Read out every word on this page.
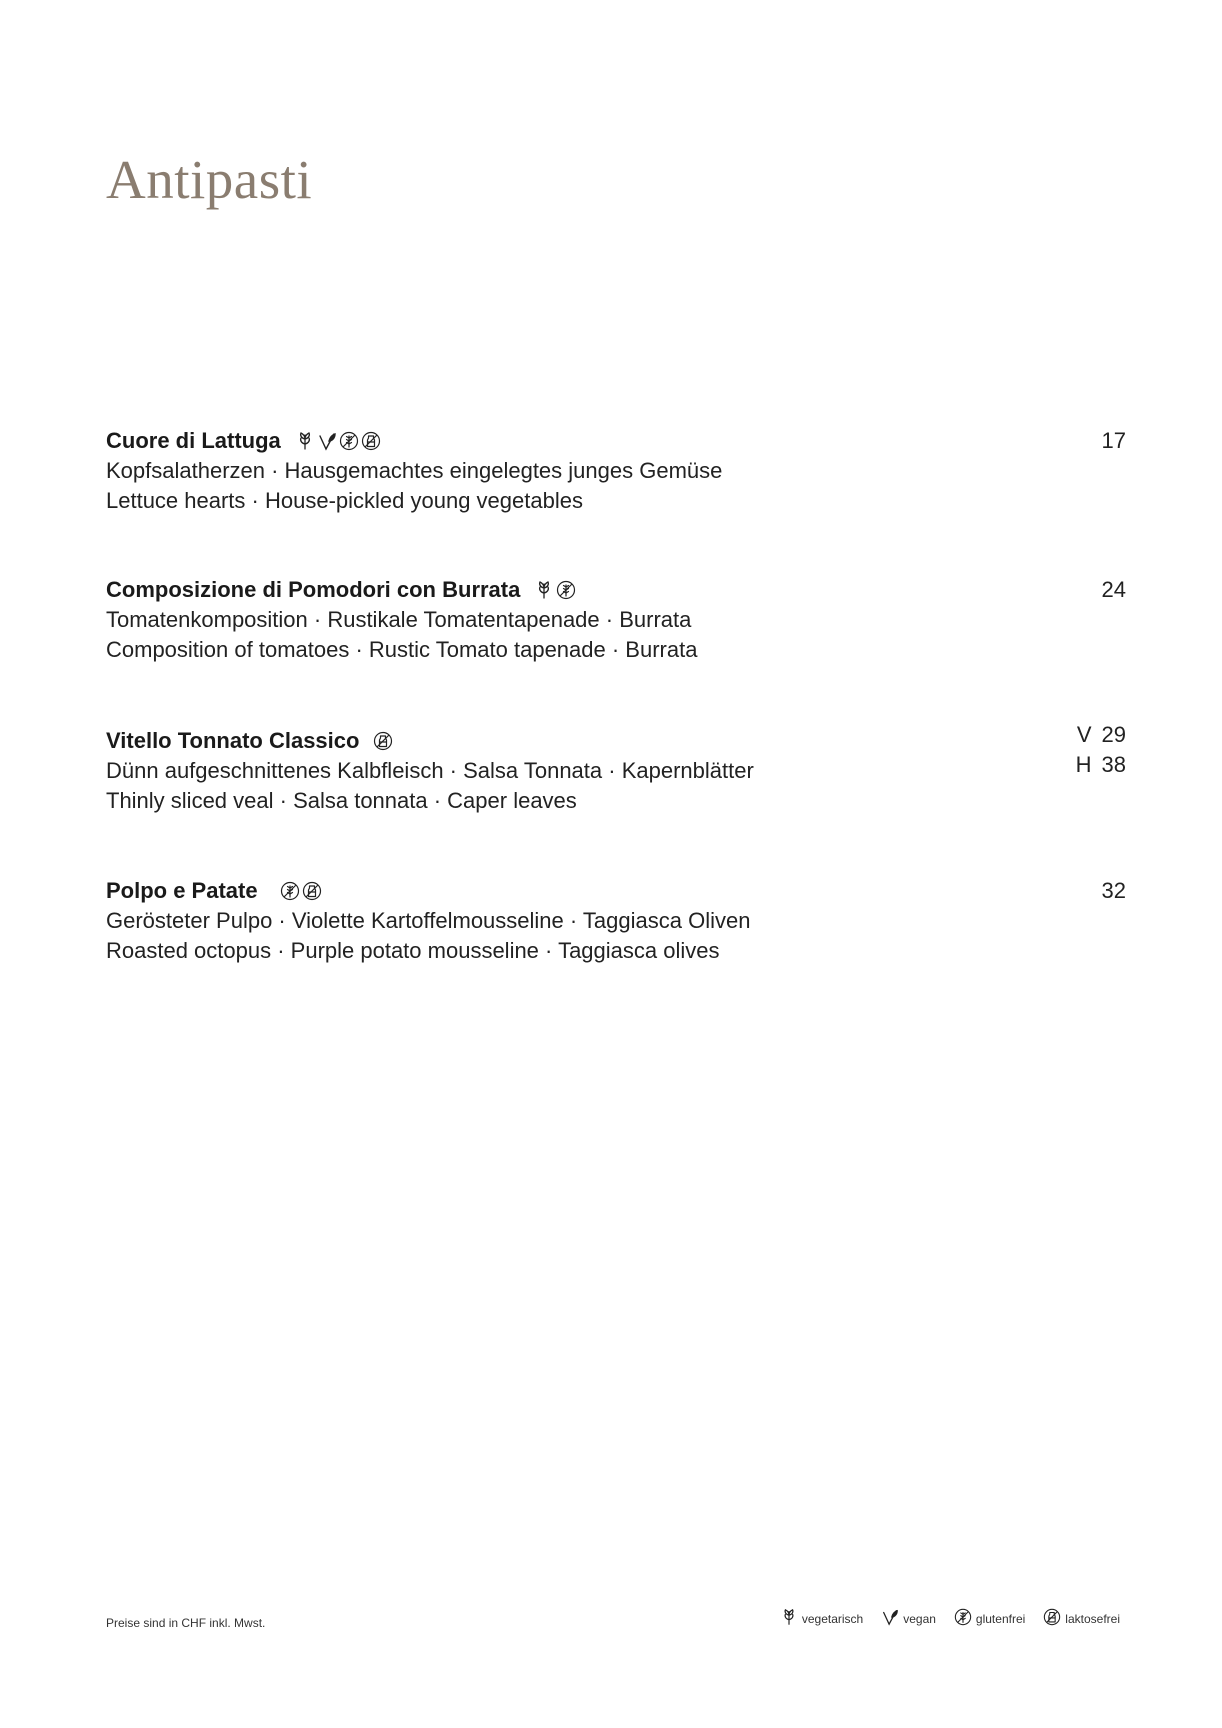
Antipasti
Cuore di Lattuga
Kopfsalatherzen · Hausgemachtes eingelegtes junges Gemüse
Lettuce hearts · House-pickled young vegetables
17
Composizione di Pomodori con Burrata
Tomatenkomposition · Rustikale Tomatentapenade · Burrata
Composition of tomatoes · Rustic Tomato tapenade · Burrata
24
Vitello Tonnato Classico
Dünn aufgeschnittenes Kalbfleisch · Salsa Tonnata · Kapernblätter
Thinly sliced veal · Salsa tonnata · Caper leaves
V 29
H 38
Polpo e Patate
Gerösteter Pulpo · Violette Kartoffelmousseline · Taggiasca Oliven
Roasted octopus · Purple potato mousseline · Taggiasca olives
32
Preise sind in CHF inkl. Mwst.	vegetarisch	vegan	glutenfrei	laktosefrei
